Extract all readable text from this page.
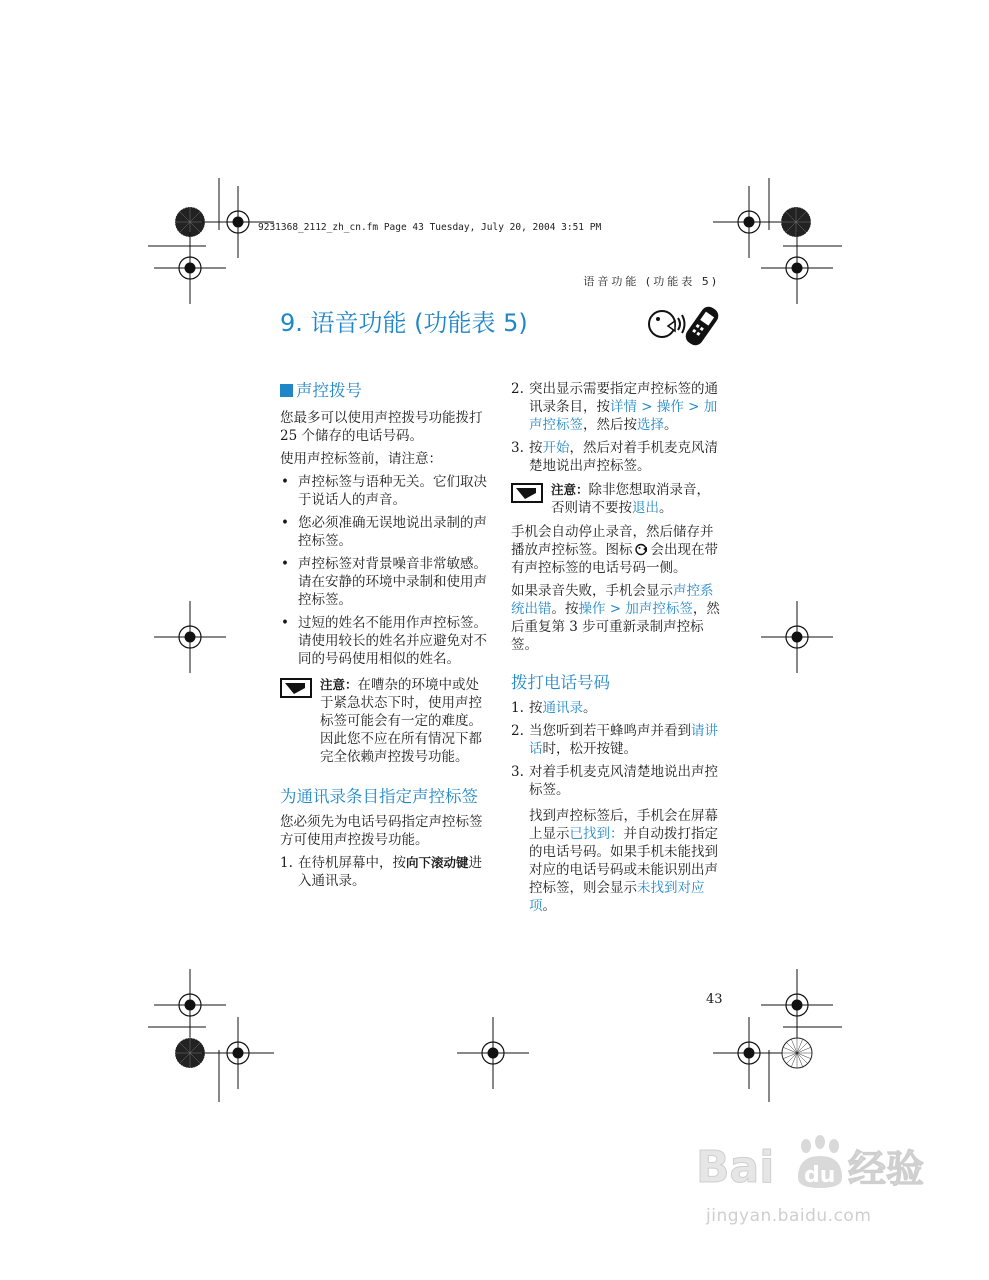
9231368_2112_zh_cn.fm Page 43 Tuesday, July 20, 2004 3:51 PM
语音功能 (功能表 5)
9. 语音功能 (功能表 5)
声控拨号

您最多可以使用声控拨号功能拨打 25 个储存的电话号码。

使用声控标签前，请注意：

• 声控标签与语种无关。它们取决于说话人的声音。
• 您必须准确无误地说出录制的声控标签。
• 声控标签对背景噪音非常敏感。请在安静的环境中录制和使用声控标签。
• 过短的姓名不能用作声控标签。请使用较长的姓名并应避免对不同的号码使用相似的姓名。
注意：在嘈杂的环境中或处于紧急状态下时，使用声控标签可能会有一定的难度。因此您不应在所有情况下都完全依赖声控拨号功能。
为通讯录条目指定声控标签

您必须先为电话号码指定声控标签方可使用声控拨号功能。

1. 在待机屏幕中，按向下滚动键进入通讯录。
2. 突出显示需要指定声控标签的通讯录条目，按详情 > 操作 > 加声控标签，然后按选择。
3. 按开始，然后对着手机麦克风清楚地说出声控标签。
注意：除非您想取消录音，否则请不要按退出。

手机会自动停止录音，然后储存并播放声控标签。图标 会出现在带有声控标签的电话号码一侧。

如果录音失败，手机会显示声控系统出错。按操作 > 加声控标签，然后重复第 3 步可重新录制声控标签。

拨打电话号码
1. 按通讯录。
2. 当您听到若干蜂鸣声并看到请讲话时，松开按键。
3. 对着手机麦克风清楚地说出声控标签。
找到声控标签后，手机会在屏幕上显示已找到：并自动拨打指定的电话号码。如果手机未能找到对应的电话号码或未能识别出声控标签，则会显示未找到对应项。
43
Bai du 经验
jingyan.baidu.com
